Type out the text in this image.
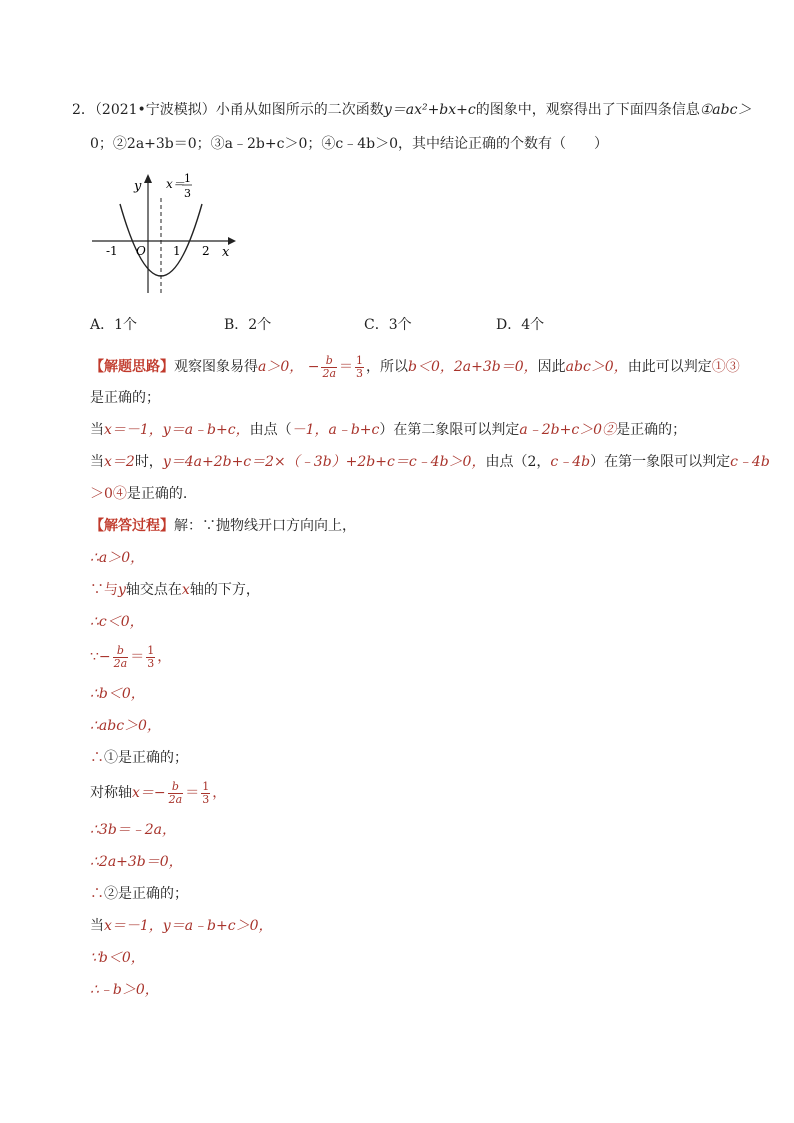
2．（2021•宁波模拟）小甬从如图所示的二次函数y＝ax²+bx+c的图象中，观察得出了下面四条信息①abc＞
0；②2a+3b＝0；③a﹣2b+c＞0；④c﹣4b＞0，其中结论正确的个数有（　　）
y
x
O
-1	1 2
x＝ 1
3
A．1个	B．2个	C．3个	D．4个
【解题思路】观察图象易得a＞0， − $\frac{b}{2a} = \frac{1}{3}$ ，所以b＜0，2a+3b＝0，因此abc＞0，由此可以判定①③
是正确的；
当x＝－1，y＝a﹣b+c，由点（－1，a﹣b+c）在第二象限可以判定a﹣2b+c＞0②是正确的；
当x＝2时，y＝4a+2b+c＝2×（﹣3b）+2b+c＝c﹣4b＞0，由点（2，c﹣4b）在第一象限可以判定c﹣4b
＞0④是正确的.
【解答过程】解：∵抛物线开口方向向上，
∴a＞0，
∵与y轴交点在x轴的下方，
∴c＜0，
∵− $\frac{b}{2a} = \frac{1}{3}$ ，
∴b＜0，
∴abc＞0，
∴①是正确的；
对称轴$x=- \frac{b}{2a} = \frac{1}{3}$ ，
∴3b＝﹣2a，
∴2a+3b＝0，
∴②是正确的；
当x＝－1，y＝a﹣b+c＞0，
∵b＜0，
∴﹣b＞0，
